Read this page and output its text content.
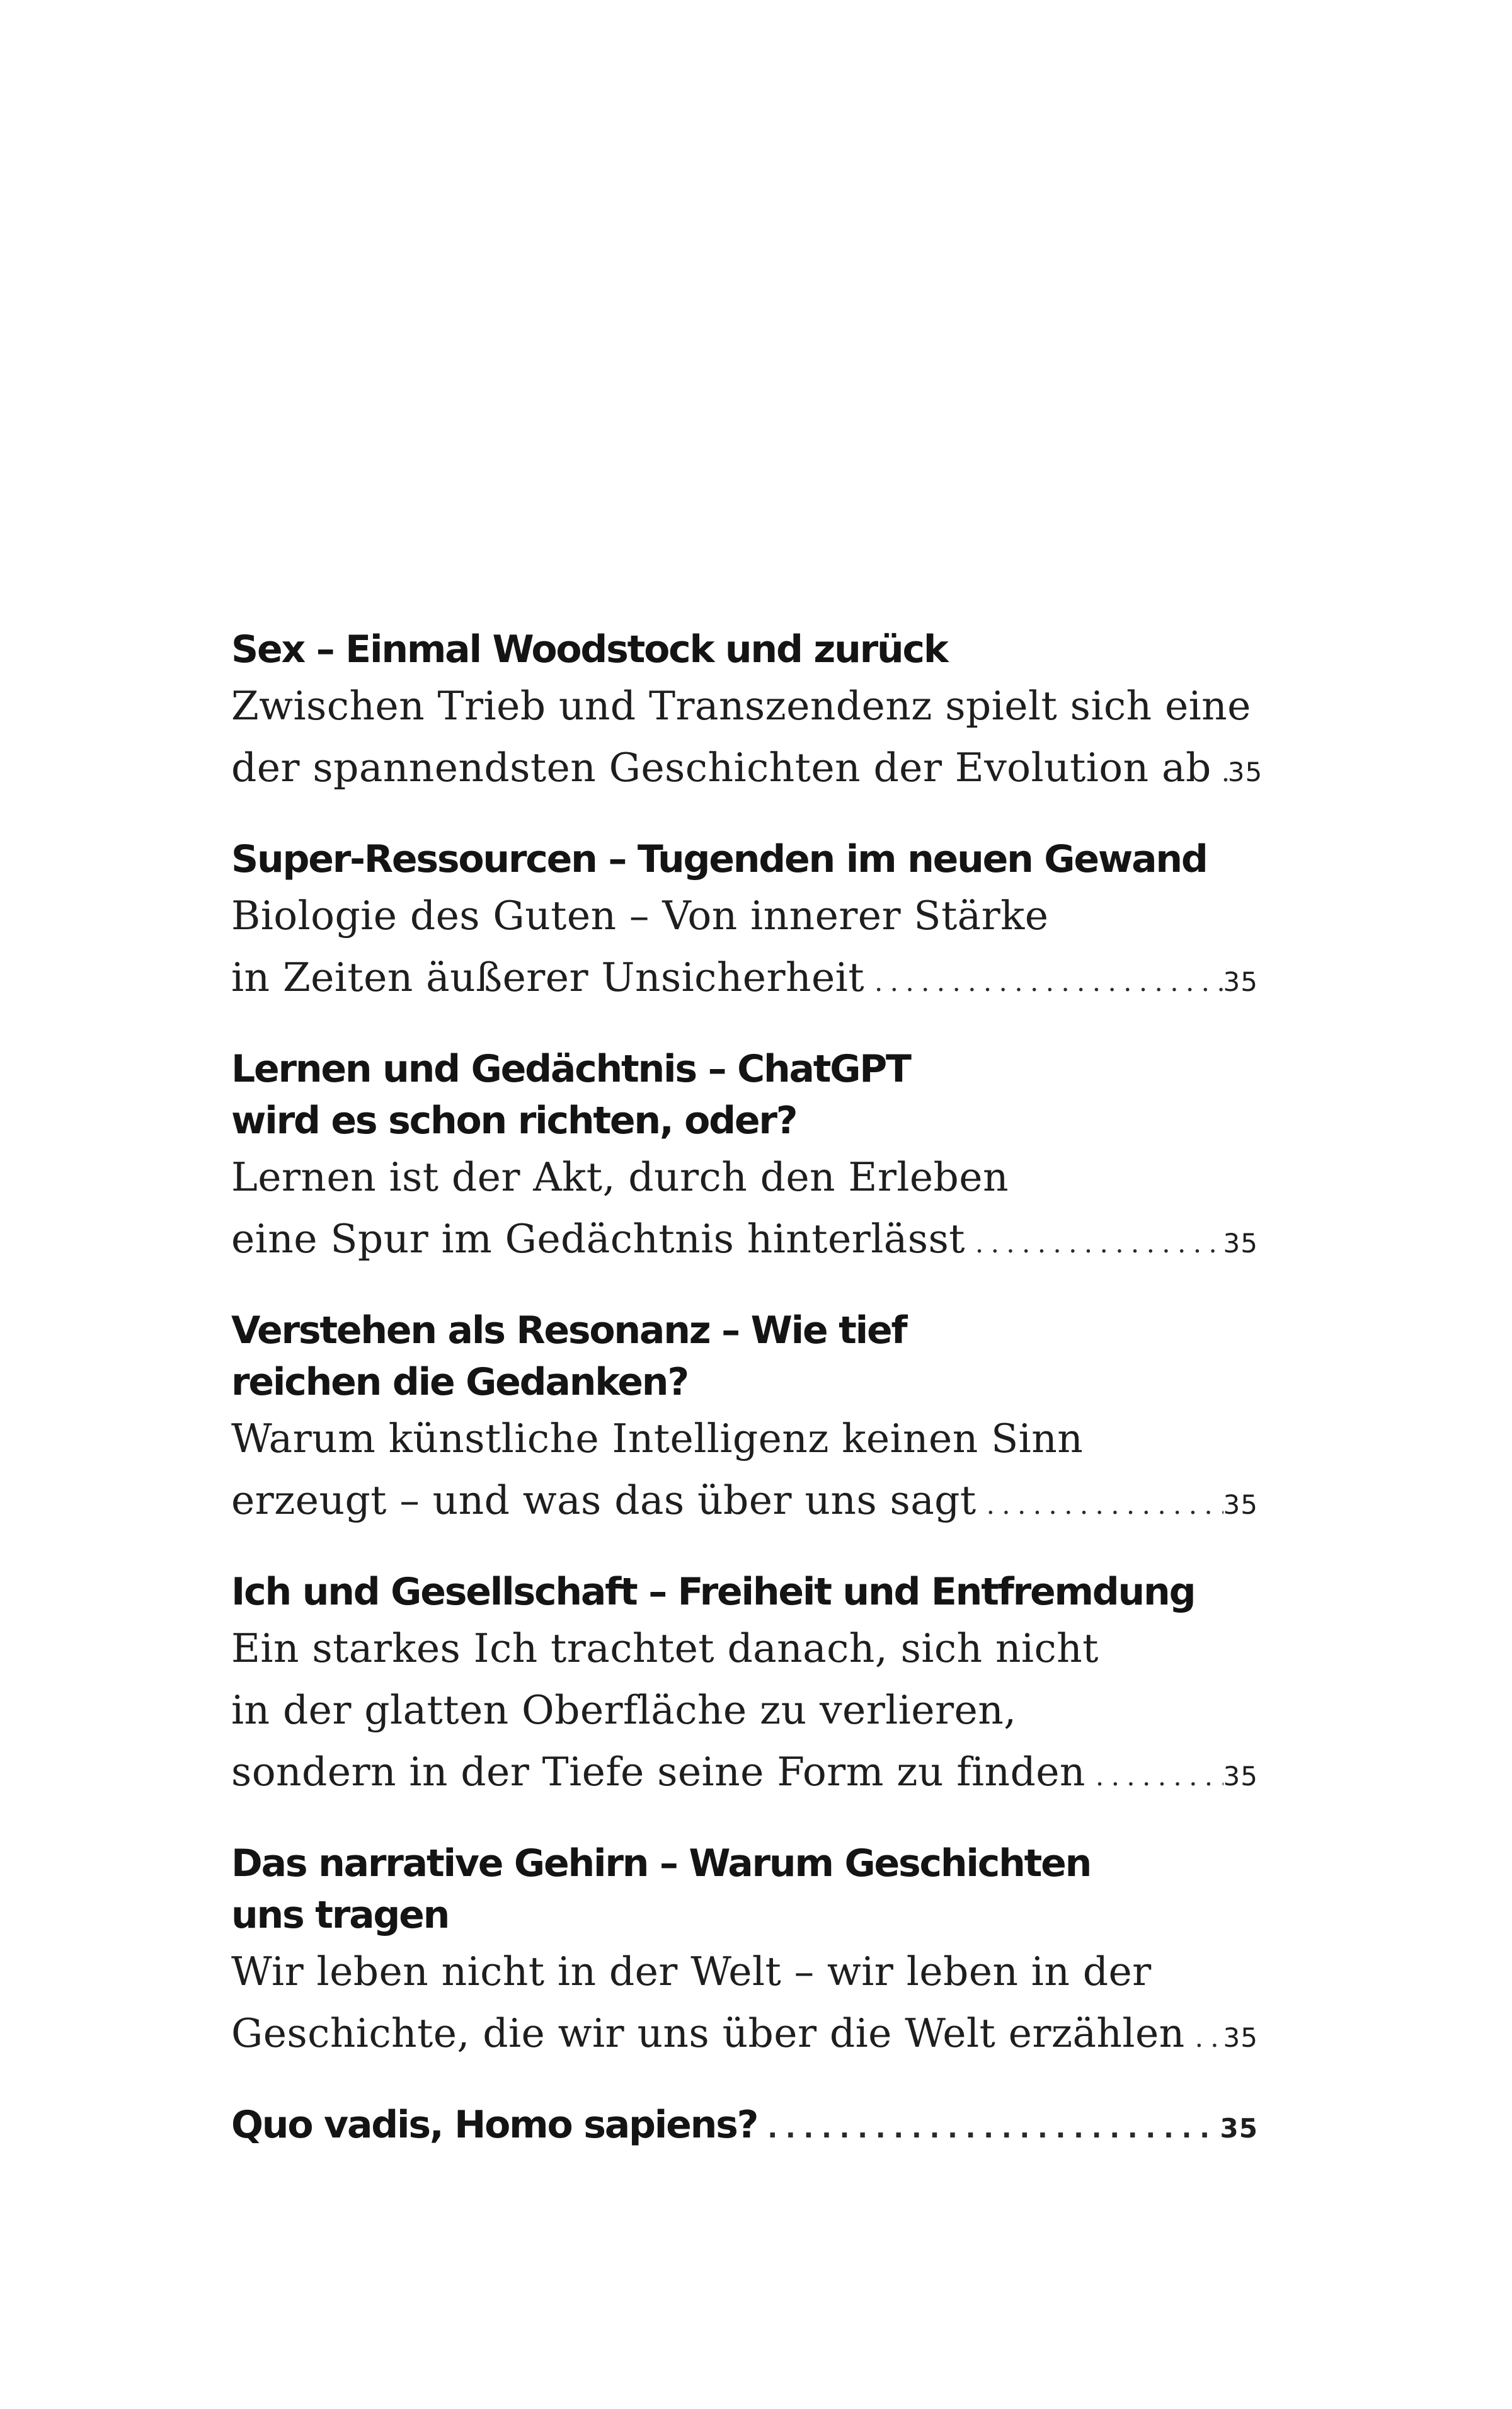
Sex – Einmal Woodstock und zurück
Zwischen Trieb und Transzendenz spielt sich eine
der spannendsten Geschichten der Evolution ab . . . 35
Super-Ressourcen – Tugenden im neuen Gewand
Biologie des Guten – Von innerer Stärke
in Zeiten äußerer Unsicherheit . . .	35
Lernen und Gedächtnis – ChatGPT
wird es schon richten, oder?
Lernen ist der Akt, durch den Erleben
eine Spur im Gedächtnis hinterlässt . . .	35
Verstehen als Resonanz – Wie tief
reichen die Gedanken?
Warum künstliche Intelligenz keinen Sinn
erzeugt – und was das über uns sagt . . .	35
Ich und Gesellschaft – Freiheit und Entfremdung
Ein starkes Ich trachtet danach, sich nicht
in der glatten Oberfläche zu verlieren,
sondern in der Tiefe seine Form zu finden . . .	35
Das narrative Gehirn – Warum Geschichten
uns tragen
Wir leben nicht in der Welt – wir leben in der
Geschichte, die wir uns über die Welt erzählen . . . 35
Quo vadis, Homo sapiens? . . .	35
